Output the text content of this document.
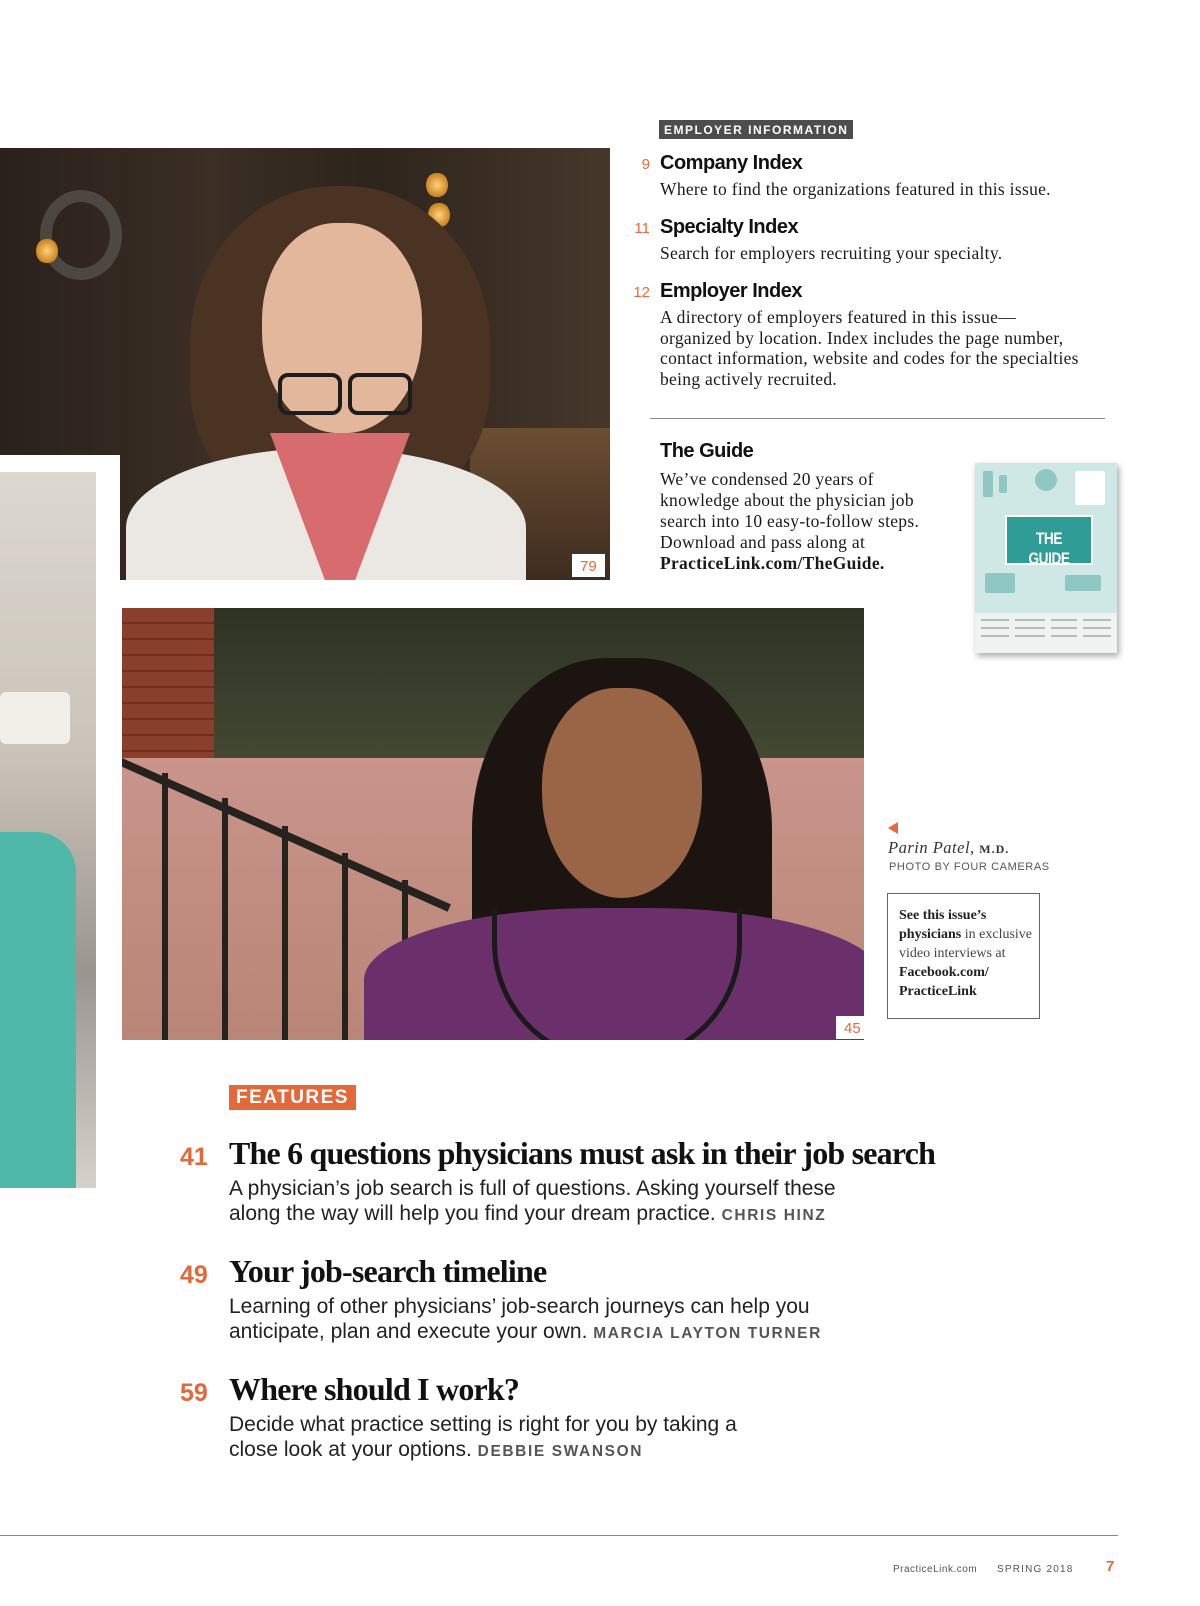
79
45
EMPLOYER INFORMATION
9 Company Index
Where to find the organizations featured in this issue.
11 Specialty Index
Search for employers recruiting your specialty.
12 Employer Index
A directory of employers featured in this issue— organized by location. Index includes the page number, contact information, website and codes for the specialties being actively recruited.
The Guide
We’ve condensed 20 years of knowledge about the physician job search into 10 easy-to-follow steps. Download and pass along at PracticeLink.com/TheGuide.
THE GUIDE
Parin Patel, M.D.
PHOTO BY FOUR CAMERAS
See this issue’s physicians in exclusive video interviews at
Facebook.com/
PracticeLink
FEATURES
41 The 6 questions physicians must ask in their job search
A physician’s job search is full of questions. Asking yourself these along the way will help you find your dream practice. CHRIS HINZ
49 Your job-search timeline
Learning of other physicians’ job-search journeys can help you anticipate, plan and execute your own. MARCIA LAYTON TURNER
59 Where should I work?
Decide what practice setting is right for you by taking a close look at your options. DEBBIE SWANSON
PracticeLink.com SPRING 2018 7
